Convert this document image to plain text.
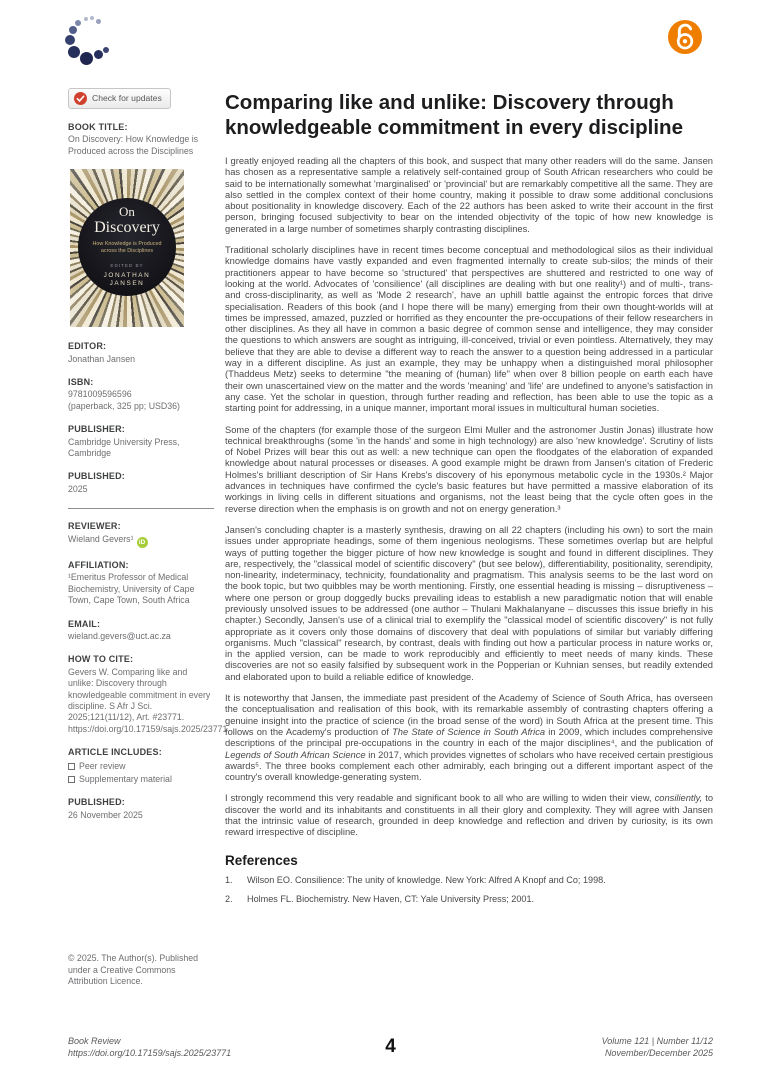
Check for updates
BOOK TITLE:
On Discovery: How Knowledge is Produced across the Disciplines
On
Discovery
How Knowledge is Produced across the Disciplines
EDITED BY
JONATHAN JANSEN
EDITOR:
Jonathan Jansen
ISBN:
9781009596596
(paperback, 325 pp; USD36)
PUBLISHER:
Cambridge University Press, Cambridge
PUBLISHED:
2025
REVIEWER:
Wieland Gevers¹ iD
AFFILIATION:
¹Emeritus Professor of Medical Biochemistry, University of Cape Town, Cape Town, South Africa
EMAIL:
wieland.gevers@uct.ac.za
HOW TO CITE:
Gevers W. Comparing like and unlike: Discovery through knowledgeable commitment in every discipline. S Afr J Sci. 2025;121(11/12), Art. #23771. https://doi.org/10.17159/sajs.2025/23771
ARTICLE INCLUDES:
Peer review
Supplementary material
PUBLISHED:
26 November 2025
© 2025. The Author(s). Published under a Creative Commons Attribution Licence.
Comparing like and unlike: Discovery through knowledgeable commitment in every discipline

I greatly enjoyed reading all the chapters of this book, and suspect that many other readers will do the same. Jansen has chosen as a representative sample a relatively self-contained group of South African researchers who could be said to be internationally somewhat 'marginalised' or 'provincial' but are remarkably competitive all the same. They are also settled in the complex context of their home country, making it possible to draw some additional conclusions about positionality in knowledge discovery. Each of the 22 authors has been asked to write their account in the first person, bringing focused subjectivity to bear on the intended objectivity of the topic of how new knowledge is generated in a large number of sometimes sharply contrasting disciplines.

Traditional scholarly disciplines have in recent times become conceptual and methodological silos as their individual knowledge domains have vastly expanded and even fragmented internally to create sub-silos; the minds of their practitioners appear to have become so 'structured' that perspectives are shuttered and restricted to one way of looking at the world. Advocates of 'consilience' (all disciplines are dealing with but one reality¹) and of multi-, trans- and cross-disciplinarity, as well as 'Mode 2 research', have an uphill battle against the entropic forces that drive specialisation. Readers of this book (and I hope there will be many) emerging from their own thought-worlds will at times be impressed, amazed, puzzled or horrified as they encounter the pre-occupations of their fellow researchers in other disciplines. As they all have in common a basic degree of common sense and intelligence, they may consider the questions to which answers are sought as intriguing, ill-conceived, trivial or even pointless. Alternatively, they may believe that they are able to devise a different way to reach the answer to a question being addressed in a particular way in a different discipline. As just an example, they may be unhappy when a distinguished moral philosopher (Thaddeus Metz) seeks to determine "the meaning of (human) life" when over 8 billion people on earth each have their own unascertained view on the matter and the words 'meaning' and 'life' are undefined to anyone's satisfaction in any case. Yet the scholar in question, through further reading and reflection, has been able to use the topic as a starting point for addressing, in a unique manner, important moral issues in multicultural human societies.

Some of the chapters (for example those of the surgeon Elmi Muller and the astronomer Justin Jonas) illustrate how technical breakthroughs (some 'in the hands' and some in high technology) are also 'new knowledge'. Scrutiny of lists of Nobel Prizes will bear this out as well: a new technique can open the floodgates of the elaboration of expanded knowledge about natural processes or diseases. A good example might be drawn from Jansen's citation of Frederic Holmes's brilliant description of Sir Hans Krebs's discovery of his eponymous metabolic cycle in the 1930s.² Major advances in techniques have confirmed the cycle's basic features but have permitted a massive elaboration of its workings in living cells in different situations and organisms, not the least being that the cycle often goes in the reverse direction when the emphasis is on growth and not on energy generation.³

Jansen's concluding chapter is a masterly synthesis, drawing on all 22 chapters (including his own) to sort the main issues under appropriate headings, some of them ingenious neologisms. These sometimes overlap but are helpful ways of putting together the bigger picture of how new knowledge is sought and found in different disciplines. They are, respectively, the "classical model of scientific discovery" (but see below), differentiability, positionality, serendipity, non-linearity, indeterminacy, technicity, foundationality and pragmatism. This analysis seems to be the last word on the book topic, but two quibbles may be worth mentioning. Firstly, one essential heading is missing – disruptiveness – where one person or group doggedly bucks prevailing ideas to establish a new paradigmatic notion that will enable previously unsolved issues to be addressed (one author – Thulani Makhalanyane – discusses this issue briefly in his chapter.) Secondly, Jansen's use of a clinical trial to exemplify the "classical model of scientific discovery" is not fully appropriate as it covers only those domains of discovery that deal with populations of similar but variably differing organisms. Much "classical" research, by contrast, deals with finding out how a particular process in nature works or, in the applied version, can be made to work reproducibly and efficiently to meet needs of many kinds. These discoveries are not so easily falsified by subsequent work in the Popperian or Kuhnian senses, but readily extended and elaborated upon to build a reliable edifice of knowledge.

It is noteworthy that Jansen, the immediate past president of the Academy of Science of South Africa, has overseen the conceptualisation and realisation of this book, with its remarkable assembly of contrasting chapters offering a genuine insight into the practice of science (in the broad sense of the word) in South Africa at the present time. This follows on the Academy's production of The State of Science in South Africa in 2009, which includes comprehensive descriptions of the principal pre-occupations in the country in each of the major disciplines⁴, and the publication of Legends of South African Science in 2017, which provides vignettes of scholars who have received certain prestigious awards⁵. The three books complement each other admirably, each bringing out a different important aspect of the country's overall knowledge-generating system.

I strongly recommend this very readable and significant book to all who are willing to widen their view, consiliently, to discover the world and its inhabitants and constituents in all their glory and complexity. They will agree with Jansen that the intrinsic value of research, grounded in deep knowledge and reflection and driven by curiosity, is its own reward irrespective of discipline.

References
1.	Wilson EO. Consilience: The unity of knowledge. New York: Alfred A Knopf and Co; 1998.
2.	Holmes FL. Biochemistry. New Haven, CT: Yale University Press; 2001.
Book Review
https://doi.org/10.17159/sajs.2025/23771	4	Volume 121 | Number 11/12
November/December 2025
